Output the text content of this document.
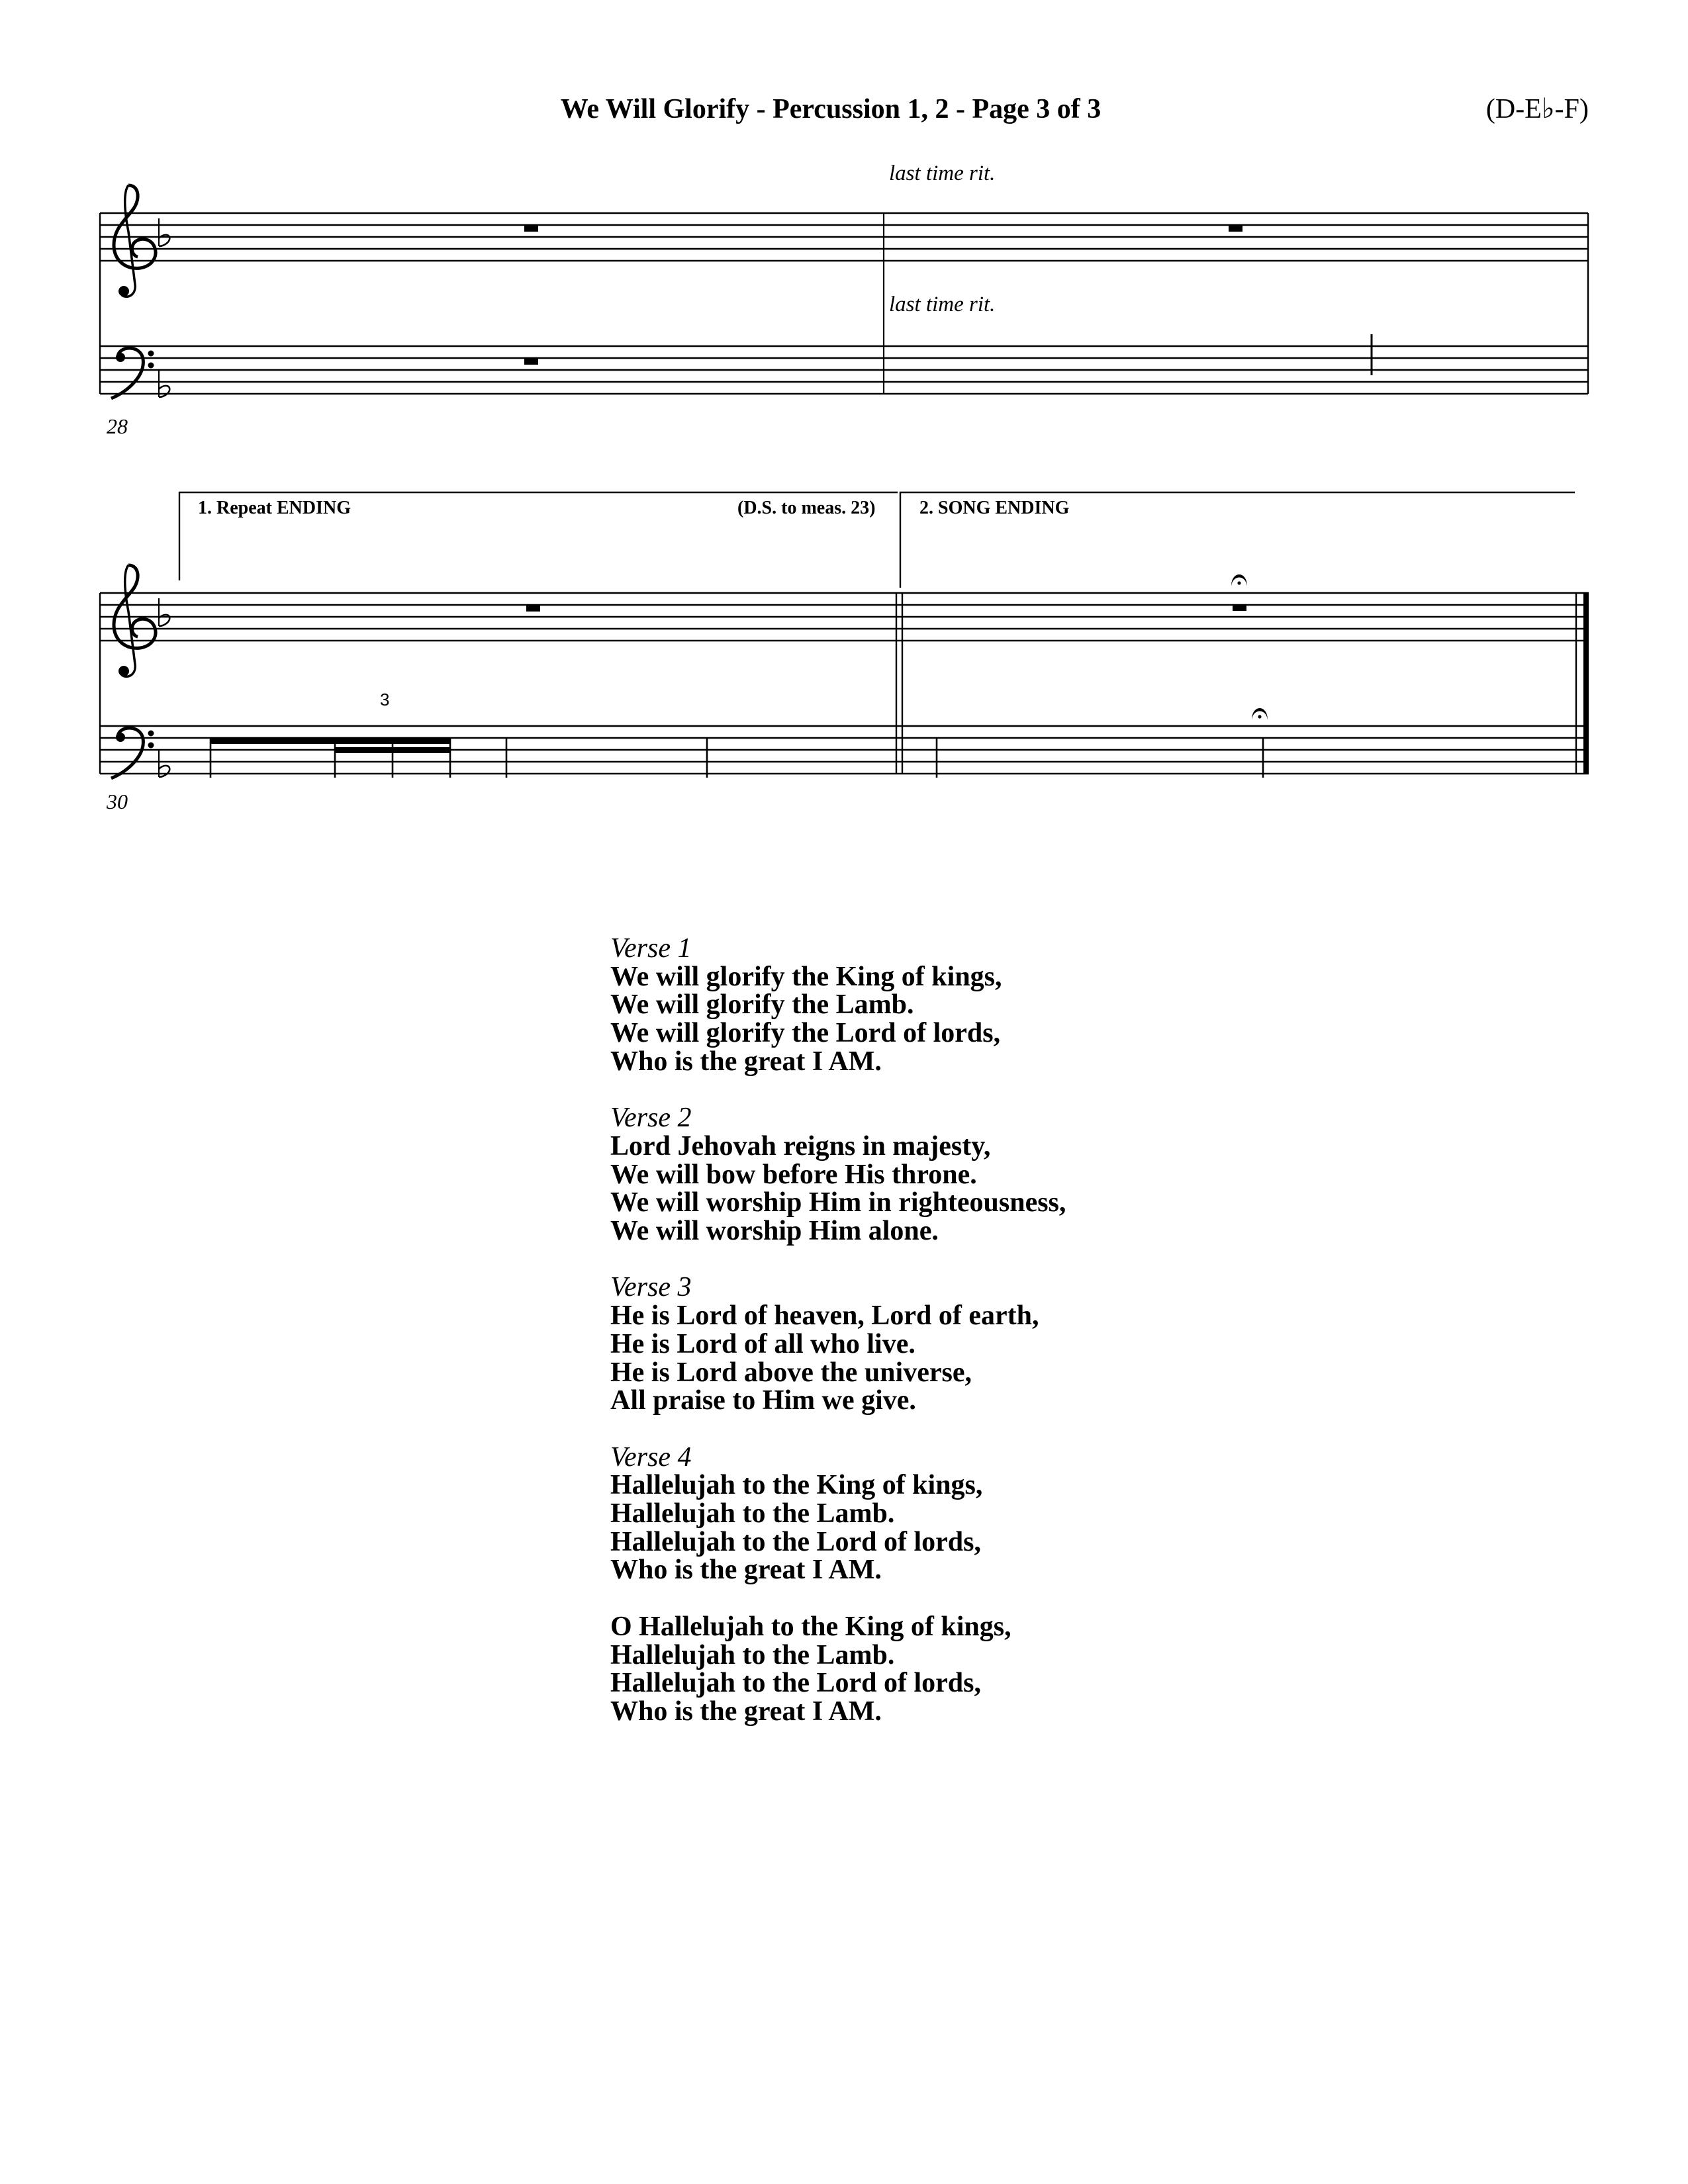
We Will Glorify - Percussion 1, 2 - Page 3 of 3	(D-E♭-F)
last time rit.
last time rit.
28
1. Repeat ENDING	(D.S. to meas. 23) 2. SONG ENDING
3
30
Verse 1
We will glorify the King of kings,
We will glorify the Lamb.
We will glorify the Lord of lords,
Who is the great I AM.
Verse 2
Lord Jehovah reigns in majesty,
We will bow before His throne.
We will worship Him in righteousness,
We will worship Him alone.
Verse 3
He is Lord of heaven, Lord of earth,
He is Lord of all who live.
He is Lord above the universe,
All praise to Him we give.
Verse 4
Hallelujah to the King of kings,
Hallelujah to the Lamb.
Hallelujah to the Lord of lords,
Who is the great I AM.
O Hallelujah to the King of kings,
Hallelujah to the Lamb.
Hallelujah to the Lord of lords,
Who is the great I AM.
